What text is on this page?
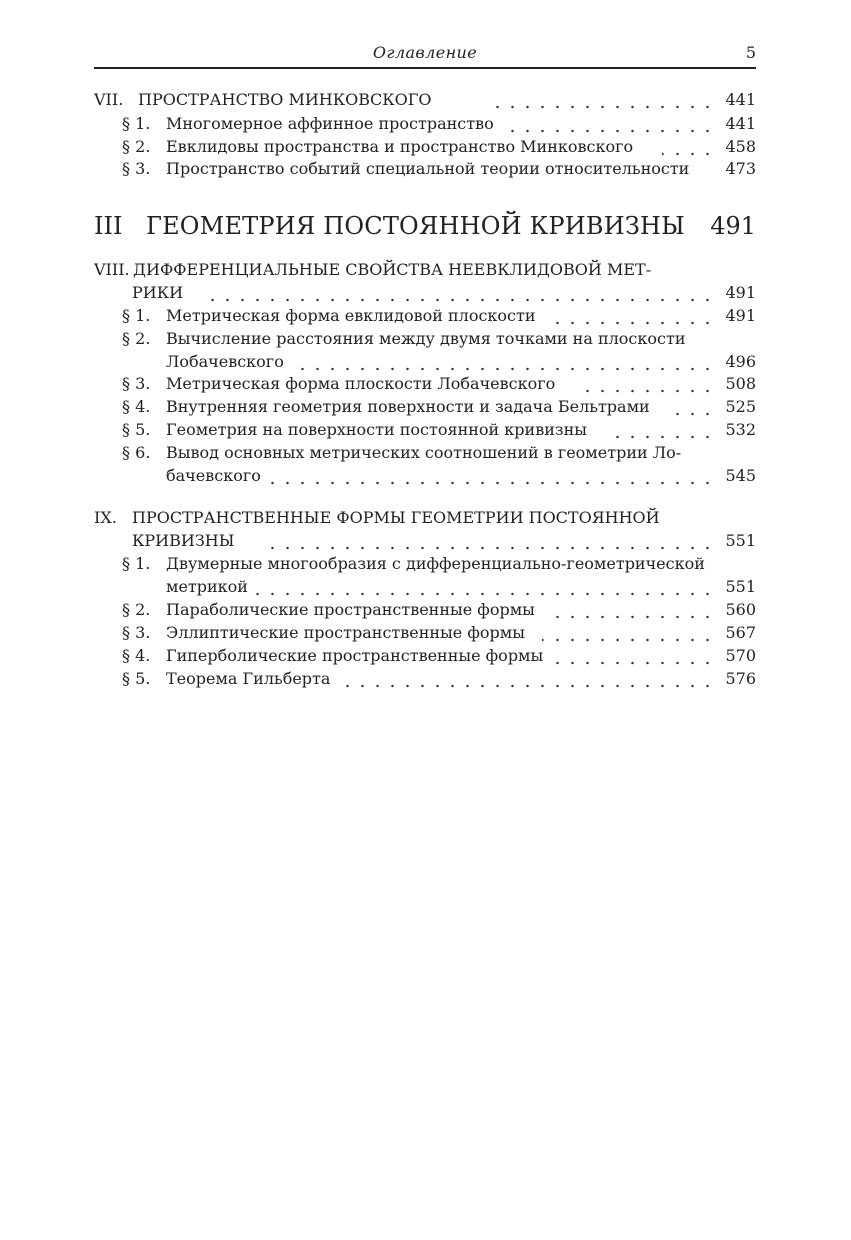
Оглавление	5
VII. ПРОСТРАНСТВО МИНКОВСКОГО	441
§ 1. Многомерное аффинное пространство	441
§ 2. Евклидовы пространства и пространство Минковского	458
§ 3. Пространство событий специальной теории относительности	473
III ГЕОМЕТРИЯ ПОСТОЯННОЙ КРИВИЗНЫ 491
VIII. ДИФФЕРЕНЦИАЛЬНЫЕ СВОЙСТВА НЕЕВКЛИДОВОЙ МЕТ-
РИКИ	491
§ 1. Метрическая форма евклидовой плоскости	491
§ 2. Вычисление расстояния между двумя точками на плоскости
Лобачевского	496
§ 3. Метрическая форма плоскости Лобачевского	508
§ 4. Внутренняя геометрия поверхности и задача Бельтрами	525
§ 5. Геометрия на поверхности постоянной кривизны	532
§ 6. Вывод основных метрических соотношений в геометрии Ло-
бачевского	545
IX. ПРОСТРАНСТВЕННЫЕ ФОРМЫ ГЕОМЕТРИИ ПОСТОЯННОЙ
КРИВИЗНЫ	551
§ 1. Двумерные многообразия с дифференциально-геометрической
метрикой	551
§ 2. Параболические пространственные формы	560
§ 3. Эллиптические пространственные формы	567
§ 4. Гиперболические пространственные формы	570
§ 5. Теорема Гильберта	576
